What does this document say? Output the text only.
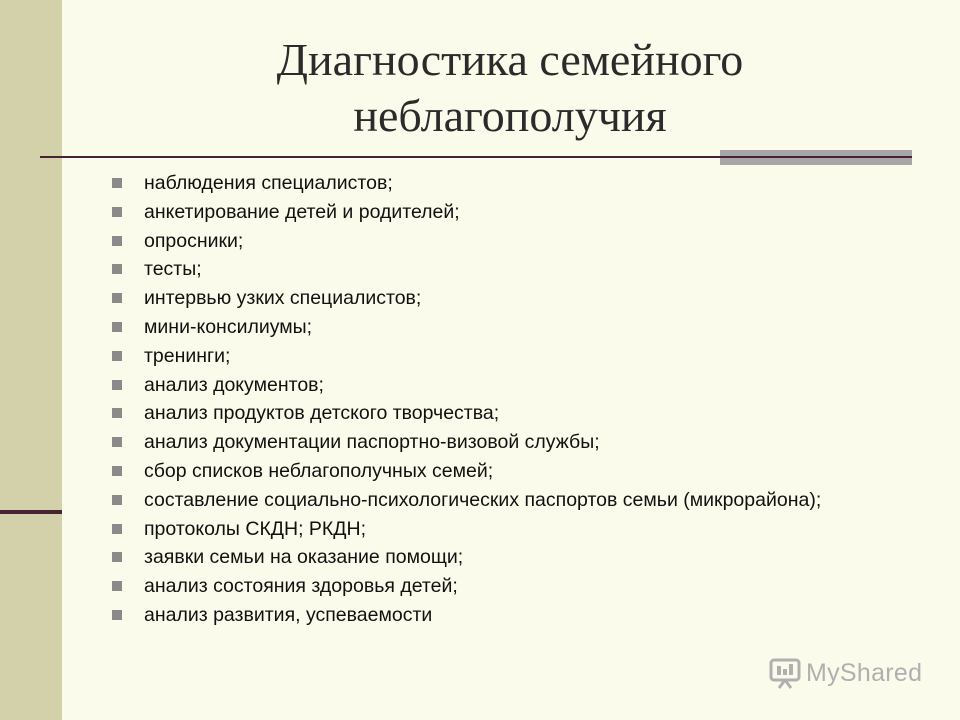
Диагностика семейного
неблагополучия
наблюдения специалистов;
анкетирование детей и родителей;
опросники;
тесты;
интервью узких специалистов;
мини-консилиумы;
тренинги;
анализ документов;
анализ продуктов детского творчества;
анализ документации паспортно-визовой службы;
сбор списков неблагополучных семей;
составление социально-психологических паспортов семьи (микрорайона);
протоколы СКДН; РКДН;
заявки семьи на оказание помощи;
анализ состояния здоровья детей;
анализ развития, успеваемости
MyShared
